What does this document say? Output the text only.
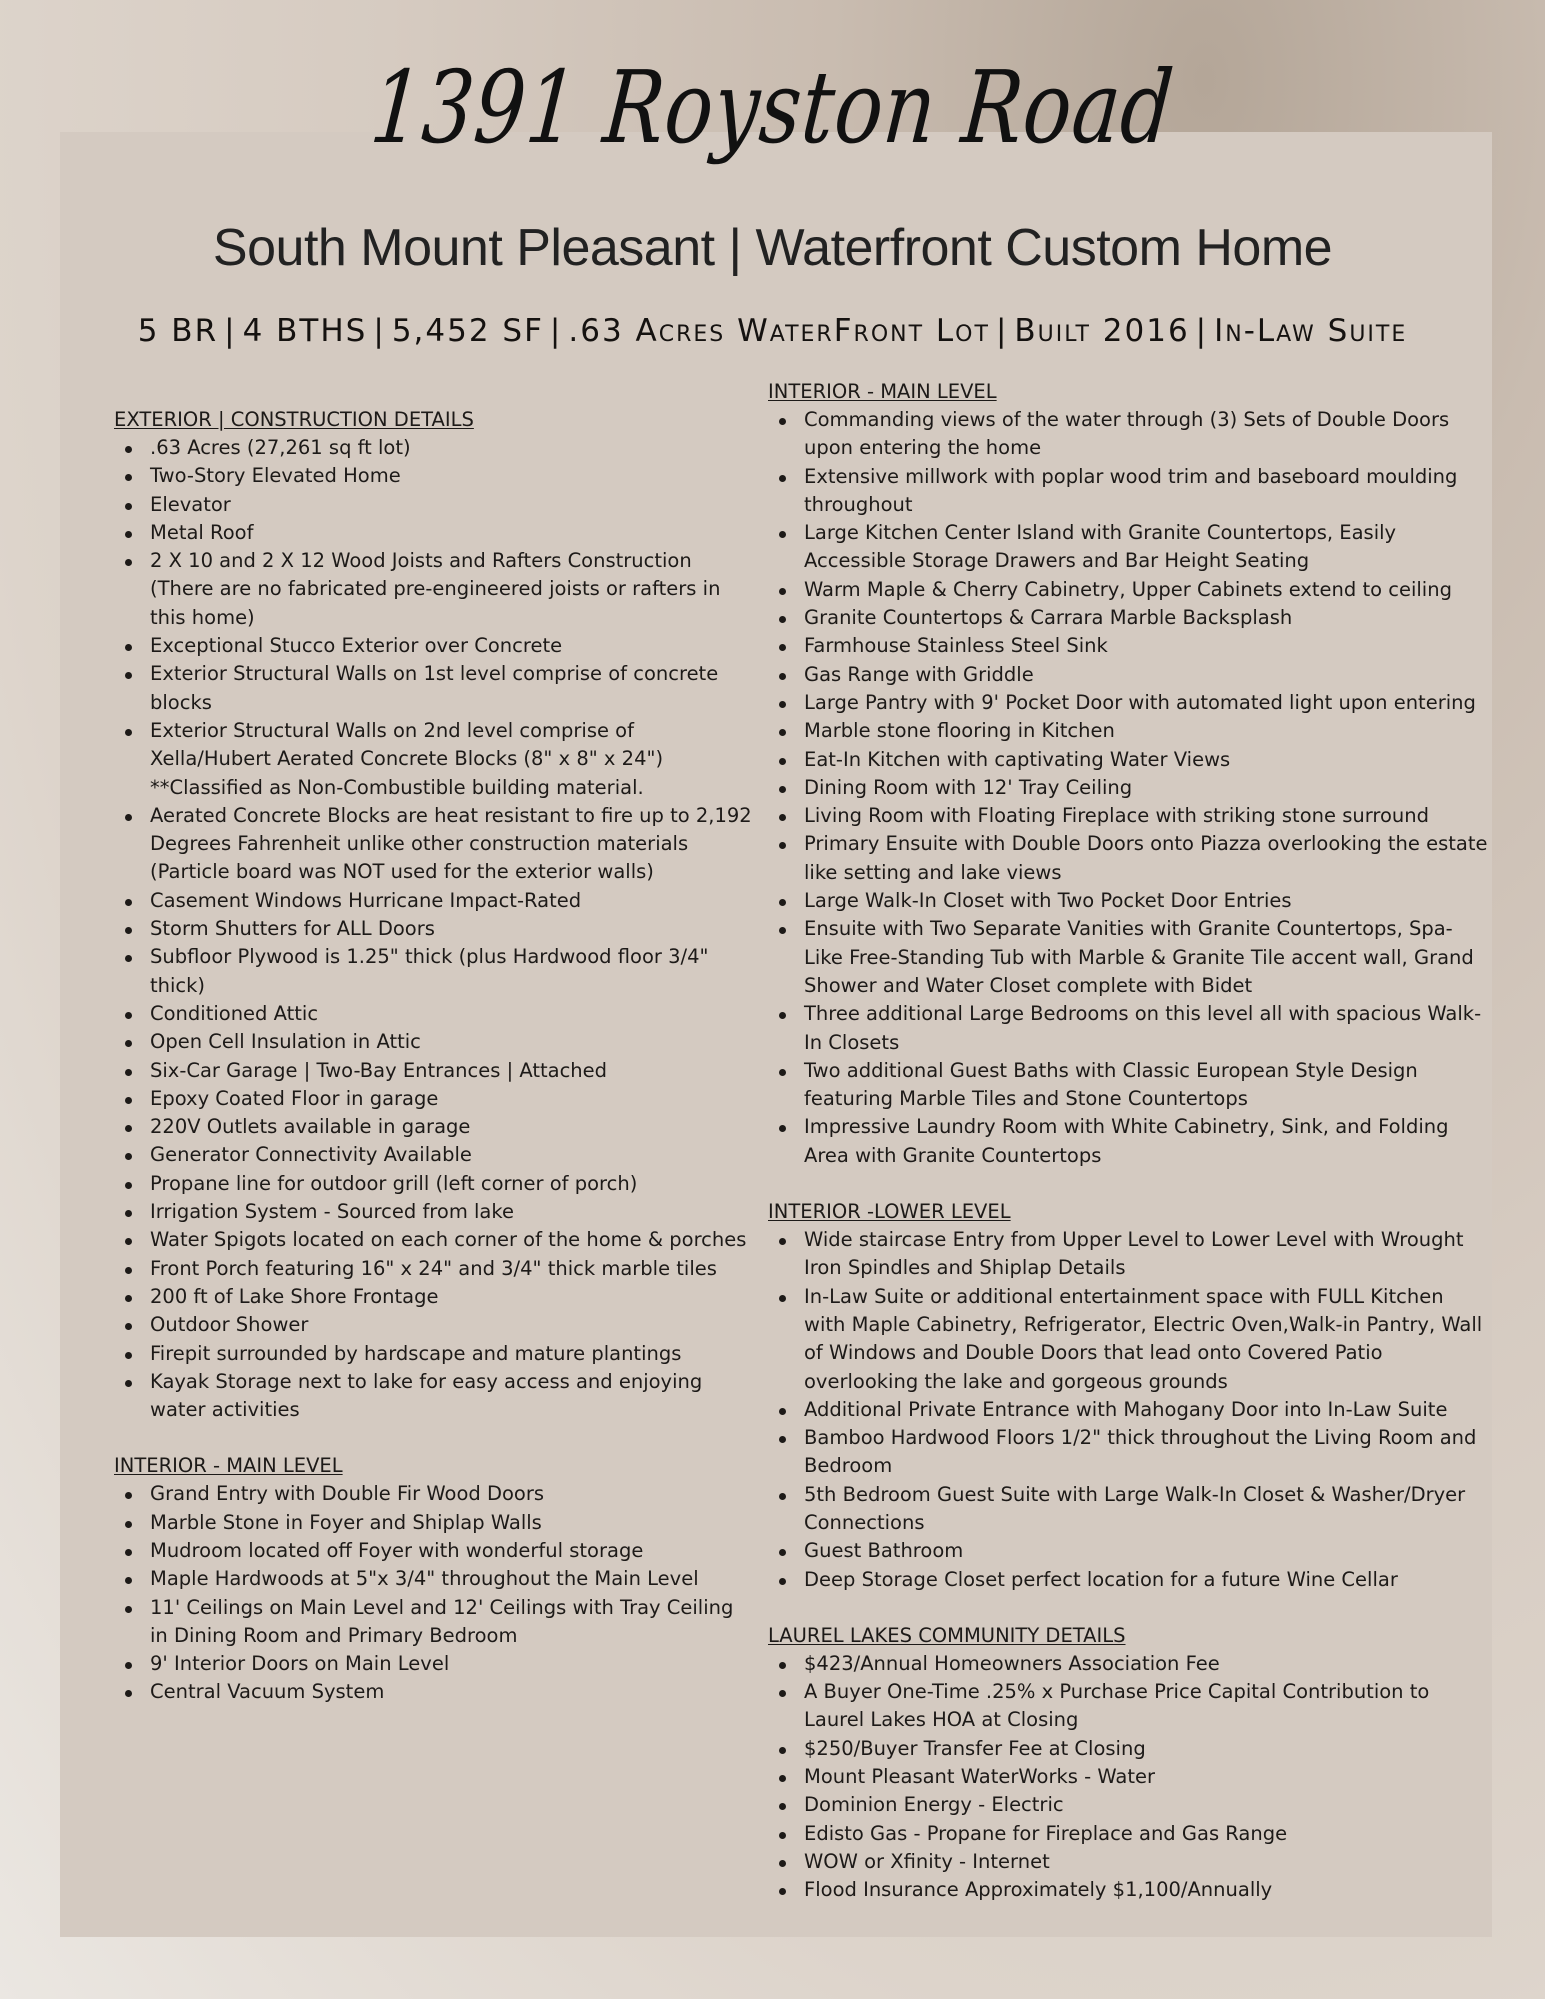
1391 Royston Road
South Mount Pleasant | Waterfront Custom Home
5 BR | 4 BTHS | 5,452 SF | .63 Acres WaterFront Lot | Built 2016 | In-Law Suite
EXTERIOR | CONSTRUCTION DETAILS
.63 Acres (27,261 sq ft lot)
Two-Story Elevated Home
Elevator
Metal Roof
2 X 10 and 2 X 12 Wood Joists and Rafters Construction (There are no fabricated pre-engineered joists or rafters in this home)
Exceptional Stucco Exterior over Concrete
Exterior Structural Walls on 1st level comprise of concrete blocks
Exterior Structural Walls on 2nd level comprise of Xella/Hubert Aerated Concrete Blocks (8" x 8" x 24") **Classified as Non-Combustible building material.
Aerated Concrete Blocks are heat resistant to fire up to 2,192 Degrees Fahrenheit unlike other construction materials (Particle board was NOT used for the exterior walls)
Casement Windows Hurricane Impact-Rated
Storm Shutters for ALL Doors
Subfloor Plywood is 1.25" thick (plus Hardwood floor 3/4" thick)
Conditioned Attic
Open Cell Insulation in Attic
Six-Car Garage | Two-Bay Entrances | Attached
Epoxy Coated Floor in garage
220V Outlets available in garage
Generator Connectivity Available
Propane line for outdoor grill (left corner of porch)
Irrigation System - Sourced from lake
Water Spigots located on each corner of the home & porches
Front Porch featuring 16" x 24" and 3/4" thick marble tiles
200 ft of Lake Shore Frontage
Outdoor Shower
Firepit surrounded by hardscape and mature plantings
Kayak Storage next to lake for easy access and enjoying water activities
INTERIOR - MAIN LEVEL
Grand Entry with Double Fir Wood Doors
Marble Stone in Foyer and Shiplap Walls
Mudroom located off Foyer with wonderful storage
Maple Hardwoods at 5"x 3/4" throughout the Main Level
11' Ceilings on Main Level and 12' Ceilings with Tray Ceiling in Dining Room and Primary Bedroom
9' Interior Doors on Main Level
Central Vacuum System
INTERIOR - MAIN LEVEL
Commanding views of the water through (3) Sets of Double Doors upon entering the home
Extensive millwork with poplar wood trim and baseboard moulding throughout
Large Kitchen Center Island with Granite Countertops, Easily Accessible Storage Drawers and Bar Height Seating
Warm Maple & Cherry Cabinetry, Upper Cabinets extend to ceiling
Granite Countertops & Carrara Marble Backsplash
Farmhouse Stainless Steel Sink
Gas Range with Griddle
Large Pantry with 9' Pocket Door with automated light upon entering
Marble stone flooring in Kitchen
Eat-In Kitchen with captivating Water Views
Dining Room with 12' Tray Ceiling
Living Room with Floating Fireplace with striking stone surround
Primary Ensuite with Double Doors onto Piazza overlooking the estate like setting and lake views
Large Walk-In Closet with Two Pocket Door Entries
Ensuite with Two Separate Vanities with Granite Countertops, Spa-Like Free-Standing Tub with Marble & Granite Tile accent wall, Grand Shower and Water Closet complete with Bidet
Three additional Large Bedrooms on this level all with spacious Walk-In Closets
Two additional Guest Baths with Classic European Style Design featuring Marble Tiles and Stone Countertops
Impressive Laundry Room with White Cabinetry, Sink, and Folding Area with Granite Countertops
INTERIOR -LOWER LEVEL
Wide staircase Entry from Upper Level to Lower Level with Wrought Iron Spindles and Shiplap Details
In-Law Suite or additional entertainment space with FULL Kitchen with Maple Cabinetry, Refrigerator, Electric Oven,Walk-in Pantry, Wall of Windows and Double Doors that lead onto Covered Patio overlooking the lake and gorgeous grounds
Additional Private Entrance with Mahogany Door into In-Law Suite
Bamboo Hardwood Floors 1/2" thick throughout the Living Room and Bedroom
5th Bedroom Guest Suite with Large Walk-In Closet & Washer/Dryer Connections
Guest Bathroom
Deep Storage Closet perfect location for a future Wine Cellar
LAUREL LAKES COMMUNITY DETAILS
$423/Annual Homeowners Association Fee
A Buyer One-Time .25% x Purchase Price Capital Contribution to Laurel Lakes HOA at Closing
$250/Buyer Transfer Fee at Closing
Mount Pleasant WaterWorks - Water
Dominion Energy - Electric
Edisto Gas - Propane for Fireplace and Gas Range
WOW or Xfinity - Internet
Flood Insurance Approximately $1,100/Annually
